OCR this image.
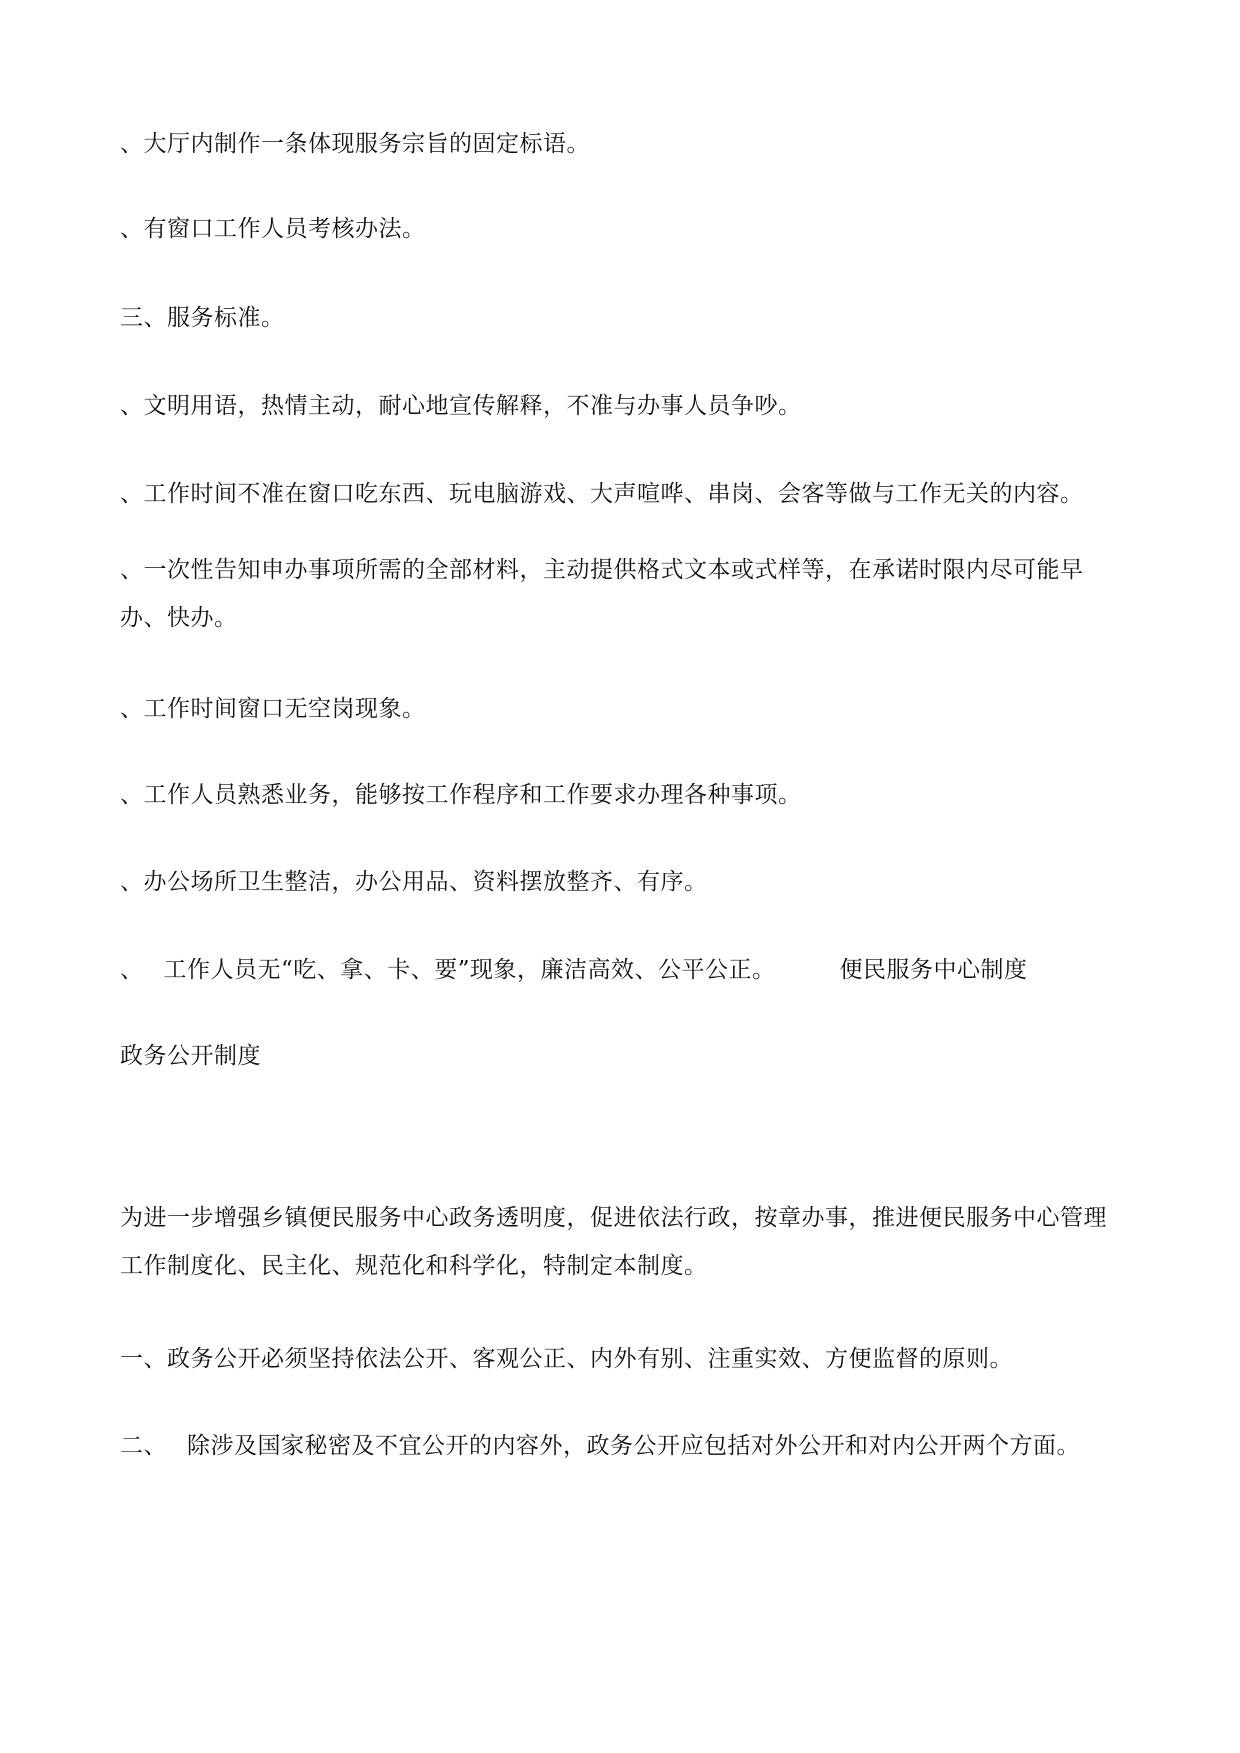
、大厅内制作一条体现服务宗旨的固定标语。
、有窗口工作人员考核办法。
三、服务标准。
、文明用语，热情主动，耐心地宣传解释，不准与办事人员争吵。
、工作时间不准在窗口吃东西、玩电脑游戏、大声喧哗、串岗、会客等做与工作无关的内容。
、一次性告知申办事项所需的全部材料，主动提供格式文本或式样等，在承诺时限内尽可能早办、快办。
、工作时间窗口无空岗现象。
、工作人员熟悉业务，能够按工作程序和工作要求办理各种事项。
、办公场所卫生整洁，办公用品、资料摆放整齐、有序。
、 工作人员无“吃、拿、卡、要”现象，廉洁高效、公平公正。	便民服务中心制度
政务公开制度
为进一步增强乡镇便民服务中心政务透明度，促进依法行政，按章办事，推进便民服务中心管理工作制度化、民主化、规范化和科学化，特制定本制度。
一、政务公开必须坚持依法公开、客观公正、内外有别、注重实效、方便监督的原则。
二、 除涉及国家秘密及不宜公开的内容外，政务公开应包括对外公开和对内公开两个方面。
